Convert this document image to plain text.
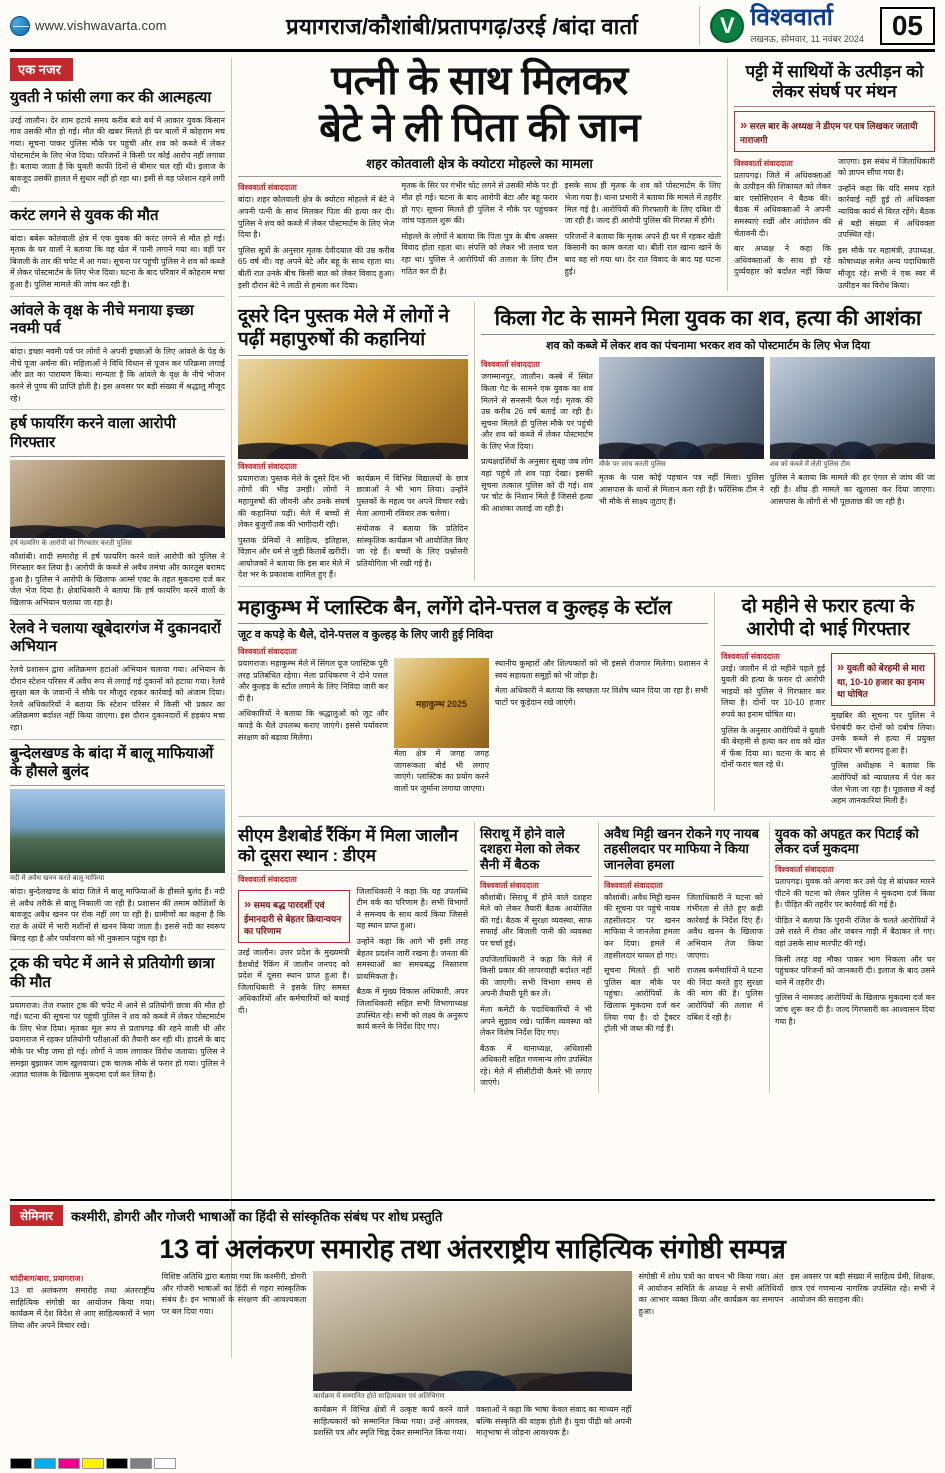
www.vishwavarta.com	प्रयागराज/कौशांबी/प्रतापगढ़/उरई /बांदा वार्ता	V विश्ववार्ता
लखनऊ, सोमवार, 11 नवंबर 2024	05
एक नजर
युवती ने फांसी लगा कर की आत्महत्या

उरई जालौन। देर शाम हटाये समय करीब बजे बर्थ में आकार युवक किसान गाव उसकी मौत हो गई। मौत की खबर मिलते ही घर बालों में कोहराम मच गया। सूचना पाकर पुलिस मौके पर पहुंची और शव को कब्जे में लेकर पोस्टमार्टम के लिए भेज दिया। परिजनों ने किसी पर कोई आरोप नहीं लगाया है। बताया जाता है कि युवती काफी दिनों से बीमार चल रही थी। इलाज के बावजूद उसकी हालत में सुधार नहीं हो रहा था। इसी से वह परेशान रहने लगी थी।

करंट लगने से युवक की मौत

बांदा। बबेरू कोतवाली क्षेत्र में एक युवक की करंट लगने से मौत हो गई। मृतक के घर वालों ने बताया कि वह खेत में पानी लगाने गया था। वहीं पर बिजली के तार की चपेट में आ गया। सूचना पर पहुंची पुलिस ने शव को कब्जे में लेकर पोस्टमार्टम के लिए भेज दिया। घटना के बाद परिवार में कोहराम मचा हुआ है। पुलिस मामले की जांच कर रही है।

आंवले के वृक्ष के नीचे मनाया इच्छा नवमी पर्व

बांदा। इच्छा नवमी पर्व पर लोगों ने अपनी इच्छाओं के लिए आंवले के पेड़ के नीचे पूजा अर्चना की। महिलाओं ने विधि विधान से पूजन कर परिक्रमा लगाई और व्रत का पारायण किया। मान्यता है कि आंवले के वृक्ष के नीचे भोजन करने से पुण्य की प्राप्ति होती है। इस अवसर पर बड़ी संख्या में श्रद्धालु मौजूद रहे।

हर्ष फायरिंग करने वाला आरोपी गिरफ्तार
हर्ष फायरिंग के आरोपी को गिरफ्तार करती पुलिस

कौशांबी। शादी समारोह में हर्ष फायरिंग करने वाले आरोपी को पुलिस ने गिरफ्तार कर लिया है। आरोपी के कब्जे से अवैध तमंचा और कारतूस बरामद हुआ है। पुलिस ने आरोपी के खिलाफ आर्म्स एक्ट के तहत मुकदमा दर्ज कर जेल भेज दिया है। क्षेत्राधिकारी ने बताया कि हर्ष फायरिंग करने वालों के खिलाफ अभियान चलाया जा रहा है।

रेलवे ने चलाया खूबेदारगंज में दुकानदारों अभियान

रेलवे प्रशासन द्वारा अतिक्रमण हटाओ अभियान चलाया गया। अभियान के दौरान स्टेशन परिसर में अवैध रूप से लगाई गई दुकानों को हटाया गया। रेलवे सुरक्षा बल के जवानों ने मौके पर मौजूद रहकर कार्रवाई को अंजाम दिया। रेलवे अधिकारियों ने बताया कि स्टेशन परिसर में किसी भी प्रकार का अतिक्रमण बर्दाश्त नहीं किया जाएगा। इस दौरान दुकानदारों में हड़कंप मचा रहा।

बुन्देलखण्ड के बांदा में बालू माफियाओं के हौसले बुलंद
नदी में अवैध खनन करते बालू माफिया

बांदा। बुन्देलखण्ड के बांदा जिले में बालू माफियाओं के हौसले बुलंद हैं। नदी से अवैध तरीके से बालू निकाली जा रही है। प्रशासन की तमाम कोशिशों के बावजूद अवैध खनन पर रोक नहीं लग पा रही है। ग्रामीणों का कहना है कि रात के अंधेरे में भारी मशीनों से खनन किया जाता है। इससे नदी का स्वरूप बिगड़ रहा है और पर्यावरण को भी नुकसान पहुंच रहा है।

ट्रक की चपेट में आने से प्रतियोगी छात्रा की मौत

प्रयागराज। तेज रफ्तार ट्रक की चपेट में आने से प्रतियोगी छात्रा की मौत हो गई। घटना की सूचना पर पहुंची पुलिस ने शव को कब्जे में लेकर पोस्टमार्टम के लिए भेज दिया। मृतका मूल रूप से प्रतापगढ़ की रहने वाली थी और प्रयागराज में रहकर प्रतियोगी परीक्षाओं की तैयारी कर रही थी। हादसे के बाद मौके पर भीड़ जमा हो गई। लोगों ने जाम लगाकर विरोध जताया। पुलिस ने समझा बुझाकर जाम खुलवाया। ट्रक चालक मौके से फरार हो गया। पुलिस ने अज्ञात चालक के खिलाफ मुकदमा दर्ज कर लिया है।

पत्नी के साथ मिलकर
बेटे ने ली पिता की जान
शहर कोतवाली क्षेत्र के क्योटरा मोहल्ले का मामला
विश्ववार्ता संवाददाता

बांदा। शहर कोतवाली क्षेत्र के क्योटरा मोहल्ले में बेटे ने अपनी पत्नी के साथ मिलकर पिता की हत्या कर दी। पुलिस ने शव को कब्जे में लेकर पोस्टमार्टम के लिए भेज दिया है।

पुलिस सूत्रों के अनुसार मृतक देवीदयाल की उम्र करीब 65 वर्ष थी। वह अपने बेटे और बहू के साथ रहता था। बीती रात उनके बीच किसी बात को लेकर विवाद हुआ। इसी दौरान बेटे ने लाठी से हमला कर दिया।

मृतक के सिर पर गंभीर चोट लगने से उसकी मौके पर ही मौत हो गई। घटना के बाद आरोपी बेटा और बहू फरार हो गए। सूचना मिलते ही पुलिस ने मौके पर पहुंचकर जांच पड़ताल शुरू की।

मोहल्ले के लोगों ने बताया कि पिता पुत्र के बीच अक्सर विवाद होता रहता था। संपत्ति को लेकर भी तनाव चल रहा था। पुलिस ने आरोपियों की तलाश के लिए टीम गठित कर दी है।

इसके साथ ही मृतक के शव को पोस्टमार्टम के लिए भेजा गया है। थाना प्रभारी ने बताया कि मामले में तहरीर मिल गई है। आरोपियों की गिरफ्तारी के लिए दबिश दी जा रही है। जल्द ही आरोपी पुलिस की गिरफ्त में होंगे।

परिजनों ने बताया कि मृतक अपने ही घर में रहकर खेती किसानी का काम करता था। बीती रात खाना खाने के बाद वह सो गया था। देर रात विवाद के बाद यह घटना हुई।

पट्टी में साथियों के उत्पीड़न को लेकर संघर्ष पर मंथन

» सरल बार के अध्यक्ष ने डीएम पर पत्र लिखकर जतायी नाराजगी

विश्ववार्ता संवाददाता

प्रतापगढ़। जिले में अधिवक्ताओं के उत्पीड़न की शिकायत को लेकर बार एसोसिएशन ने बैठक की। बैठक में अधिवक्ताओं ने अपनी समस्याएं रखीं और आंदोलन की चेतावनी दी।

बार अध्यक्ष ने कहा कि अधिवक्ताओं के साथ हो रहे दुर्व्यवहार को बर्दाश्त नहीं किया जाएगा। इस संबंध में जिलाधिकारी को ज्ञापन सौंपा गया है।

उन्होंने कहा कि यदि समय रहते कार्रवाई नहीं हुई तो अधिवक्ता न्यायिक कार्य से विरत रहेंगे। बैठक में बड़ी संख्या में अधिवक्ता उपस्थित रहे।

इस मौके पर महामंत्री, उपाध्यक्ष, कोषाध्यक्ष समेत अन्य पदाधिकारी मौजूद रहे। सभी ने एक स्वर में उत्पीड़न का विरोध किया।

दूसरे दिन पुस्तक मेले में लोगों ने पढ़ीं महापुरुषों की कहानियां
विश्ववार्ता संवाददाता

प्रयागराज। पुस्तक मेले के दूसरे दिन भी लोगों की भीड़ उमड़ी। लोगों ने महापुरुषों की जीवनी और उनके संघर्ष की कहानियां पढ़ीं। मेले में बच्चों से लेकर बुजुर्गों तक की भागीदारी रही।

पुस्तक प्रेमियों ने साहित्य, इतिहास, विज्ञान और धर्म से जुड़ी किताबें खरीदीं। आयोजकों ने बताया कि इस बार मेले में देश भर के प्रकाशक शामिल हुए हैं।

कार्यक्रम में विभिन्न विद्यालयों के छात्र छात्राओं ने भी भाग लिया। उन्होंने पुस्तकों के महत्व पर अपने विचार रखे। मेला आगामी रविवार तक चलेगा।

संयोजक ने बताया कि प्रतिदिन सांस्कृतिक कार्यक्रम भी आयोजित किए जा रहे हैं। बच्चों के लिए प्रश्नोत्तरी प्रतियोगिता भी रखी गई है।

किला गेट के सामने मिला युवक का शव, हत्या की आशंका
शव को कब्जे में लेकर शव का पंचनामा भरकर शव को पोस्टमार्टम के लिए भेज दिया
विश्ववार्ता संवाददाता

जगम्मानपुर, जालौन। कस्बे में स्थित किला गेट के सामने एक युवक का शव मिलने से सनसनी फैल गई। मृतक की उम्र करीब 26 वर्ष बताई जा रही है। सूचना मिलते ही पुलिस मौके पर पहुंची और शव को कब्जे में लेकर पोस्टमार्टम के लिए भेज दिया।

प्रत्यक्षदर्शियों के अनुसार सुबह जब लोग वहां पहुंचे तो शव पड़ा देखा। इसकी सूचना तत्काल पुलिस को दी गई। शव पर चोट के निशान मिले हैं जिससे हत्या की आशंका जताई जा रही है।

मौके पर जांच करती पुलिस

मृतक के पास कोई पहचान पत्र नहीं मिला। पुलिस आसपास के थानों से मिलान करा रही है। फॉरेंसिक टीम ने भी मौके से साक्ष्य जुटाए हैं।

शव को कब्जे में लेती पुलिस टीम

पुलिस ने बताया कि मामले की हर एंगल से जांच की जा रही है। शीघ्र ही मामले का खुलासा कर दिया जाएगा। आसपास के लोगों से भी पूछताछ की जा रही है।

महाकुम्भ में प्लास्टिक बैन, लगेंगे दोने-पत्तल व कुल्हड़ के स्टॉल
जूट व कपड़े के थैले, दोने-पत्तल व कुल्हड़ के लिए जारी हुई निविदा
विश्ववार्ता संवाददाता

प्रयागराज। महाकुम्भ मेले में सिंगल यूज प्लास्टिक पूरी तरह प्रतिबंधित रहेगा। मेला प्राधिकरण ने दोने पत्तल और कुल्हड़ के स्टॉल लगाने के लिए निविदा जारी कर दी है।

अधिकारियों ने बताया कि श्रद्धालुओं को जूट और कपड़े के थैले उपलब्ध कराए जाएंगे। इससे पर्यावरण संरक्षण को बढ़ावा मिलेगा।

महाकुम्भ 2025

मेला क्षेत्र में जगह जगह जागरूकता बोर्ड भी लगाए जाएंगे। प्लास्टिक का प्रयोग करने वालों पर जुर्माना लगाया जाएगा।

स्थानीय कुम्हारों और शिल्पकारों को भी इससे रोजगार मिलेगा। प्रशासन ने स्वयं सहायता समूहों को भी जोड़ा है।

मेला अधिकारी ने बताया कि स्वच्छता पर विशेष ध्यान दिया जा रहा है। सभी घाटों पर कूड़ेदान रखे जाएंगे।

दो महीने से फरार हत्या के आरोपी दो भाई गिरफ्तार
विश्ववार्ता संवाददाता

उरई। जालौन में दो महीने पहले हुई युवती की हत्या के फरार दो आरोपी भाइयों को पुलिस ने गिरफ्तार कर लिया है। दोनों पर 10-10 हजार रुपये का इनाम घोषित था।

पुलिस के अनुसार आरोपियों ने युवती की बेरहमी से हत्या कर शव को खेत में फेंक दिया था। घटना के बाद से दोनों फरार चल रहे थे।

» युवती को बेरहमी से मारा था, 10-10 हजार का इनाम था घोषित

मुखबिर की सूचना पर पुलिस ने घेराबंदी कर दोनों को दबोच लिया। उनके कब्जे से हत्या में प्रयुक्त हथियार भी बरामद हुआ है।

पुलिस अधीक्षक ने बताया कि आरोपियों को न्यायालय में पेश कर जेल भेजा जा रहा है। पूछताछ में कई अहम जानकारियां मिली हैं।

सीएम डैशबोर्ड रैंकिंग में मिला जालौन को दूसरा स्थान : डीएम
विश्ववार्ता संवाददाता

» समय बद्ध पारदर्शी एवं ईमानदारी से बेहतर क्रियान्वयन का परिणाम

उरई जालौन। उत्तर प्रदेश के मुख्यमंत्री डैशबोर्ड रैंकिंग में जालौन जनपद को प्रदेश में दूसरा स्थान प्राप्त हुआ है। जिलाधिकारी ने इसके लिए समस्त अधिकारियों और कर्मचारियों को बधाई दी।

जिलाधिकारी ने कहा कि यह उपलब्धि टीम वर्क का परिणाम है। सभी विभागों ने समन्वय के साथ कार्य किया जिससे यह स्थान प्राप्त हुआ।

उन्होंने कहा कि आगे भी इसी तरह बेहतर प्रदर्शन जारी रखना है। जनता की समस्याओं का समयबद्ध निस्तारण प्राथमिकता है।

बैठक में मुख्य विकास अधिकारी, अपर जिलाधिकारी सहित सभी विभागाध्यक्ष उपस्थित रहे। सभी को लक्ष्य के अनुरूप कार्य करने के निर्देश दिए गए।

सिराथू में होने वाले दशहरा मेला को लेकर सैनी में बैठक
विश्ववार्ता संवाददाता

कौशांबी। सिराथू में होने वाले दशहरा मेले को लेकर तैयारी बैठक आयोजित की गई। बैठक में सुरक्षा व्यवस्था, साफ सफाई और बिजली पानी की व्यवस्था पर चर्चा हुई।

उपजिलाधिकारी ने कहा कि मेले में किसी प्रकार की लापरवाही बर्दाश्त नहीं की जाएगी। सभी विभाग समय से अपनी तैयारी पूरी कर लें।

मेला कमेटी के पदाधिकारियों ने भी अपने सुझाव रखे। पार्किंग व्यवस्था को लेकर विशेष निर्देश दिए गए।

बैठक में थानाध्यक्ष, अधिशासी अधिकारी सहित गणमान्य लोग उपस्थित रहे। मेले में सीसीटीवी कैमरे भी लगाए जाएंगे।

अवैध मिट्टी खनन रोकने गए नायब तहसीलदार पर माफिया ने किया जानलेवा हमला
विश्ववार्ता संवाददाता

कौशांबी। अवैध मिट्टी खनन की सूचना पर पहुंचे नायब तहसीलदार पर खनन माफिया ने जानलेवा हमला कर दिया। हमले में तहसीलदार घायल हो गए।

सूचना मिलते ही भारी पुलिस बल मौके पर पहुंचा। आरोपियों के खिलाफ मुकदमा दर्ज कर लिया गया है। दो ट्रैक्टर ट्रॉली भी जब्त की गई हैं।

जिलाधिकारी ने घटना को गंभीरता से लेते हुए कड़ी कार्रवाई के निर्देश दिए हैं। अवैध खनन के खिलाफ अभियान तेज किया जाएगा।

राजस्व कर्मचारियों ने घटना की निंदा करते हुए सुरक्षा की मांग की है। पुलिस आरोपियों की तलाश में दबिश दे रही है।

युवक को अपहृत कर पिटाई को लेकर दर्ज मुकदमा
विश्ववार्ता संवाददाता

प्रतापगढ़। युवक को अगवा कर उसे पेड़ से बांधकर मारने पीटने की घटना को लेकर पुलिस ने मुकदमा दर्ज किया है। पीड़ित की तहरीर पर कार्रवाई की गई है।

पीड़ित ने बताया कि पुरानी रंजिश के चलते आरोपियों ने उसे रास्ते में रोका और जबरन गाड़ी में बैठाकर ले गए। वहां उसके साथ मारपीट की गई।

किसी तरह वह मौका पाकर भाग निकला और घर पहुंचकर परिजनों को जानकारी दी। इलाज के बाद उसने थाने में तहरीर दी।

पुलिस ने नामजद आरोपियों के खिलाफ मुकदमा दर्ज कर जांच शुरू कर दी है। जल्द गिरफ्तारी का आश्वासन दिया गया है।

सेमिनार	कश्मीरी, डोगरी और गोजरी भाषाओं का हिंदी से सांस्कृतिक संबंध पर शोध प्रस्तुति
13 वां अलंकरण समारोह तथा अंतरराष्ट्रीय साहित्यिक संगोष्ठी सम्पन्न
चांदीबाग/बारा, प्रयागराज।

13 वां अलंकरण समारोह तथा अंतरराष्ट्रीय साहित्यिक संगोष्ठी का आयोजन किया गया। कार्यक्रम में देश विदेश से आए साहित्यकारों ने भाग लिया और अपने विचार रखे।

विशिष्ट अतिथि द्वारा बताया गया कि कश्मीरी, डोगरी और गोजरी भाषाओं का हिंदी से गहरा सांस्कृतिक संबंध है। इन भाषाओं के संरक्षण की आवश्यकता पर बल दिया गया।

कार्यक्रम में सम्मानित होते साहित्यकार एवं अतिथिगण

कार्यक्रम में विभिन्न क्षेत्रों में उत्कृष्ट कार्य करने वाले साहित्यकारों को सम्मानित किया गया। उन्हें अंगवस्त्र, प्रशस्ति पत्र और स्मृति चिह्न देकर सम्मानित किया गया।

वक्ताओं ने कहा कि भाषा केवल संवाद का माध्यम नहीं बल्कि संस्कृति की वाहक होती है। युवा पीढ़ी को अपनी मातृभाषा से जोड़ना आवश्यक है।

संगोष्ठी में शोध पत्रों का वाचन भी किया गया। अंत में आयोजन समिति के अध्यक्ष ने सभी अतिथियों का आभार व्यक्त किया और कार्यक्रम का समापन हुआ।

इस अवसर पर बड़ी संख्या में साहित्य प्रेमी, शिक्षक, छात्र एवं गणमान्य नागरिक उपस्थित रहे। सभी ने आयोजन की सराहना की।
